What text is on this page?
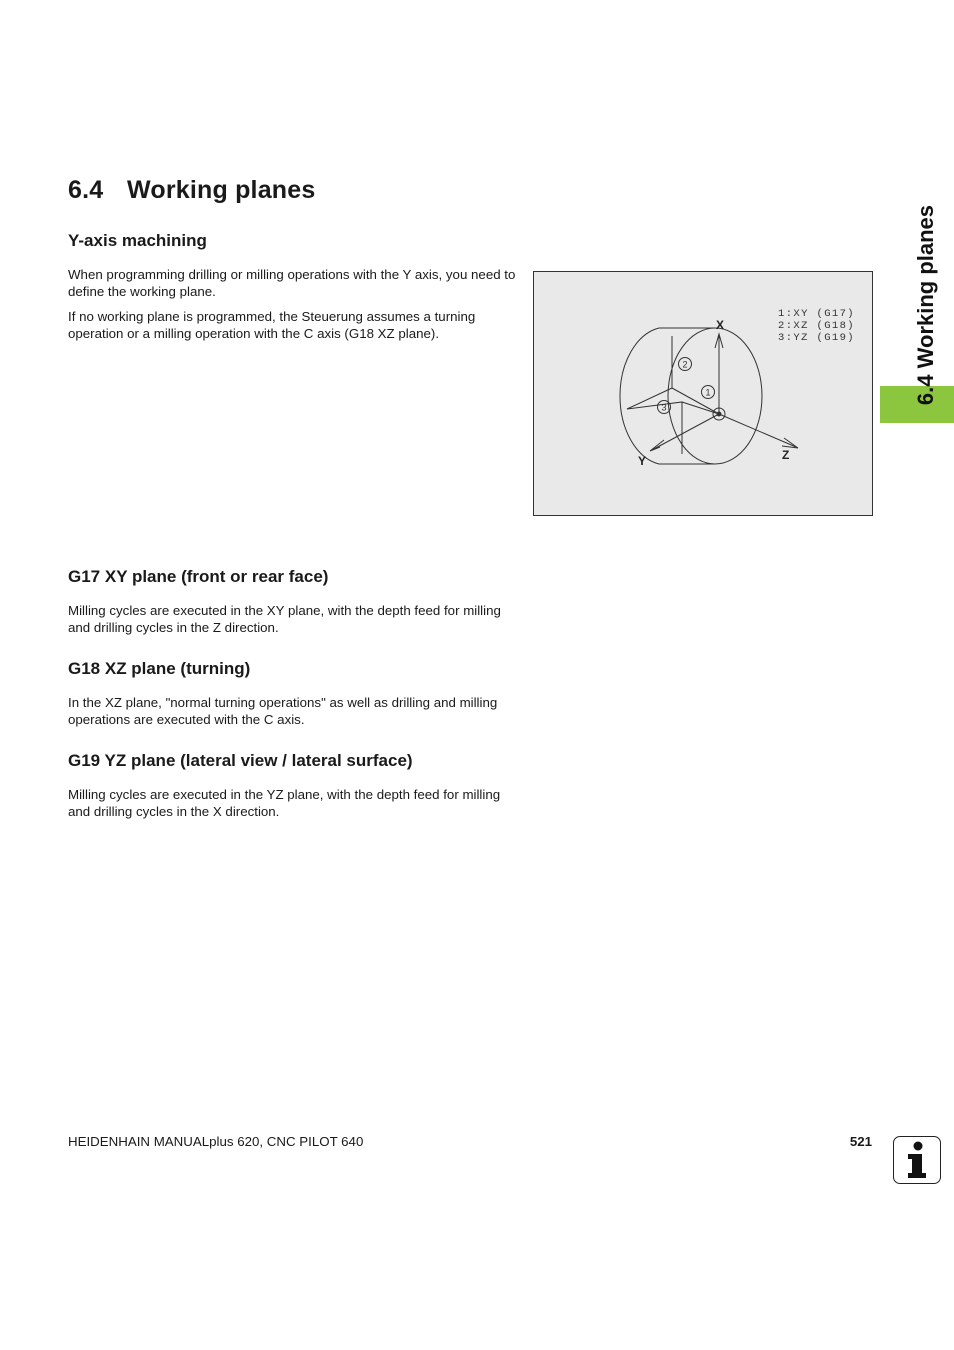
6.4 Working planes
Y-axis machining

When programming drilling or milling operations with the Y axis, you need to define the working plane.

If no working plane is programmed, the Steuerung assumes a turning operation or a milling operation with the C axis (G18 XZ plane).

G17 XY plane (front or rear face)

Milling cycles are executed in the XY plane, with the depth feed for milling and drilling cycles in the Z direction.

G18 XZ plane (turning)

In the XZ plane, "normal turning operations" as well as drilling and milling operations are executed with the C axis.

G19 YZ plane (lateral view / lateral surface)

Milling cycles are executed in the YZ plane, with the depth feed for milling and drilling cycles in the X direction.

2
1
3
X
Y	Z
1:XY (G17)
2:XZ (G18)
3:YZ (G19)	6.4 Working planes
HEIDENHAIN MANUALplus 620, CNC PILOT 640	521
